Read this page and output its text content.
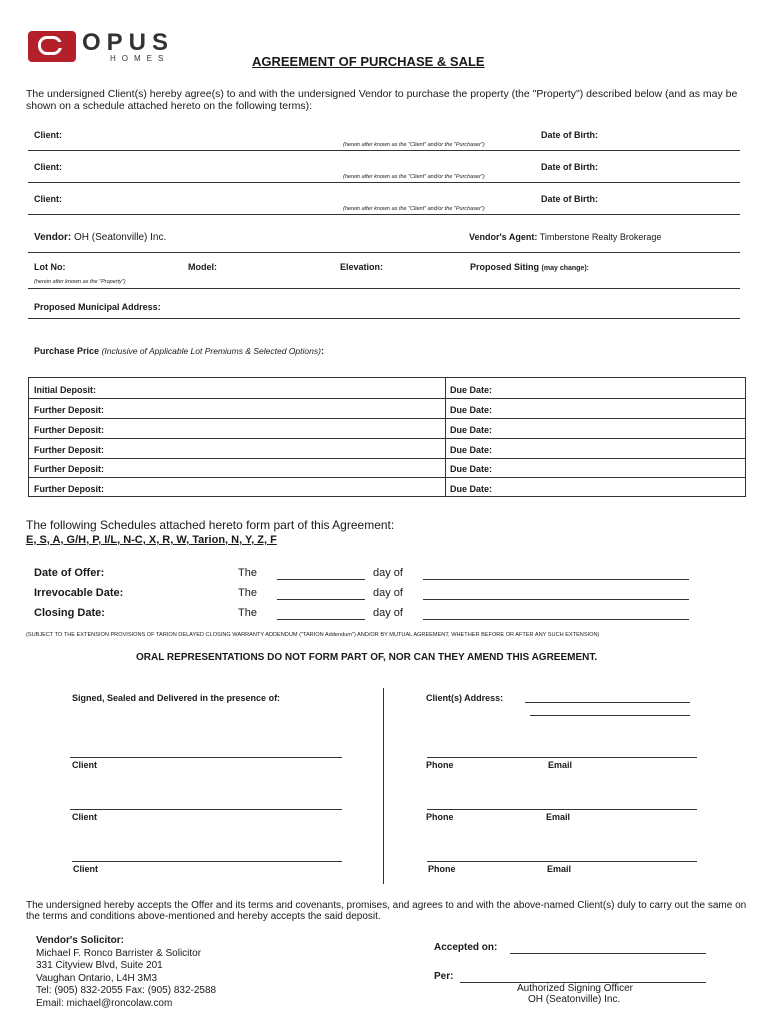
OPUS
HOMES	AGREEMENT OF PURCHASE & SALE
The undersigned Client(s) hereby agree(s) to and with the undersigned Vendor to purchase the property (the "Property") described below (and as may be shown on a schedule attached hereto on the following terms):
Client:	Date of Birth:
(herein after known as the "Client" and/or the "Purchaser")
Client:	Date of Birth:
(herein after known as the "Client" and/or the "Purchaser")
Client:	Date of Birth:
(herein after known as the "Client" and/or the "Purchaser")
Vendor: OH (Seatonville) Inc.	Vendor's Agent: Timberstone Realty Brokerage
Lot No:	Model:	Elevation:	Proposed Siting (may change):
(herein after known as the "Property")
Proposed Municipal Address:
Purchase Price (Inclusive of Applicable Lot Premiums & Selected Options):
Initial Deposit:	Due Date:
Further Deposit:	Due Date:
Further Deposit:	Due Date:
Further Deposit:	Due Date:
Further Deposit:	Due Date:
Further Deposit:	Due Date:
The following Schedules attached hereto form part of this Agreement:
E, S, A, G/H, P, I/L, N-C, X, R, W, Tarion, N, Y, Z, F
Date of Offer:	The	day of
Irrevocable Date:	The	day of
Closing Date:	The	day of
(SUBJECT TO THE EXTENSION PROVISIONS OF TARION DELAYED CLOSING WARRANTY ADDENDUM ("TARION Addendum") AND/OR BY MUTUAL AGREEMENT, WHETHER BEFORE OR AFTER ANY SUCH EXTENSION)
ORAL REPRESENTATIONS DO NOT FORM PART OF, NOR CAN THEY AMEND THIS AGREEMENT.
Signed, Sealed and Delivered in the presence of:	Client(s) Address:
Client	Phone	Email
Client	Phone	Email
Client	Phone	Email
The undersigned hereby accepts the Offer and its terms and covenants, promises, and agrees to and with the above-named Client(s) duly to carry out the same on the terms and conditions above-mentioned and hereby accepts the said deposit.
Vendor's Solicitor:
Michael F. Ronco Barrister & Solicitor
331 Cityview Blvd, Suite 201
Vaughan Ontario, L4H 3M3
Tel: (905) 832-2055 Fax: (905) 832-2588
Email: michael@roncolaw.com
Accepted on:
Per:
Authorized Signing Officer
OH (Seatonville) Inc.
